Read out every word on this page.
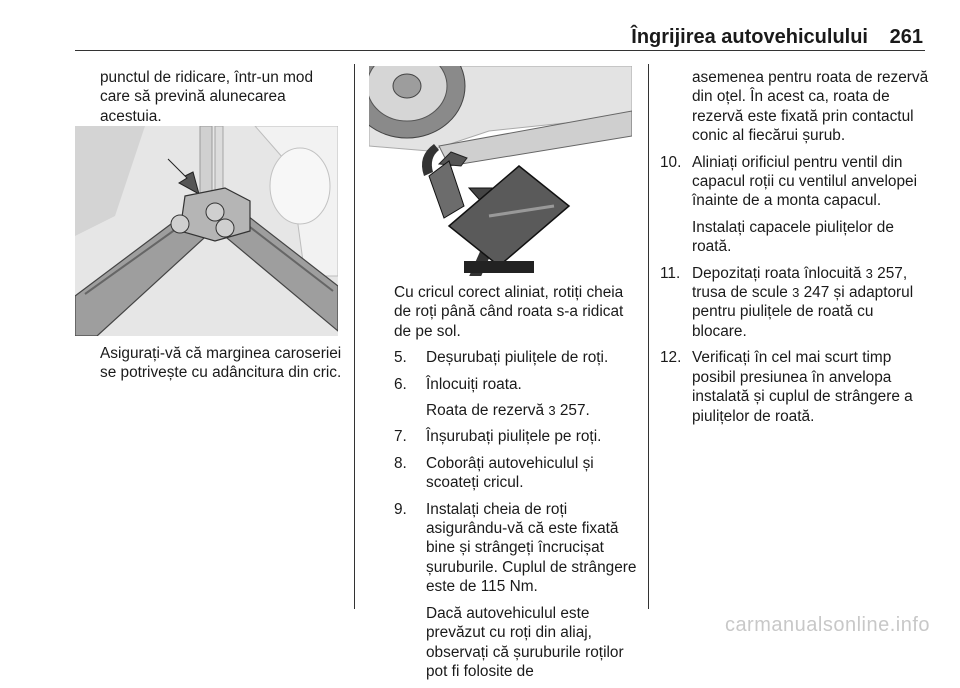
Îngrijirea autovehiculului 261

punctul de ridicare, într-un mod care să prevină alunecarea acestuia.

Asigurați-vă că marginea caroseriei se potrivește cu adâncitura din cric.

Cu cricul corect aliniat, rotiți cheia de roți până când roata s-a ridicat de pe sol.

5. Deșurubați piulițele de roți.
6. Înlocuiți roata.
Roata de rezervă 3 257.
7. Înșurubați piulițele pe roți.
8. Coborâți autovehiculul și scoateți cricul.
9. Instalați cheia de roți asigurându-vă că este fixată bine și strângeți încrucișat șuruburile. Cuplul de strângere este de 115 Nm.
Dacă autovehiculul este prevăzut cu roți din aliaj, observați că șuruburile roților pot fi folosite de
asemenea pentru roata de rezervă din oțel. În acest ca, roata de rezervă este fixată prin contactul conic al fiecărui șurub.
10. Aliniați orificiul pentru ventil din capacul roții cu ventilul anvelopei înainte de a monta capacul.
Instalați capacele piulițelor de roată.
11. Depozitați roata înlocuită 3 257, trusa de scule 3 247 și adaptorul pentru piulițele de roată cu blocare.
12. Verificați în cel mai scurt timp posibil presiunea în anvelopa instalată și cuplul de strângere a piulițelor de roată.
carmanualsonline.info
